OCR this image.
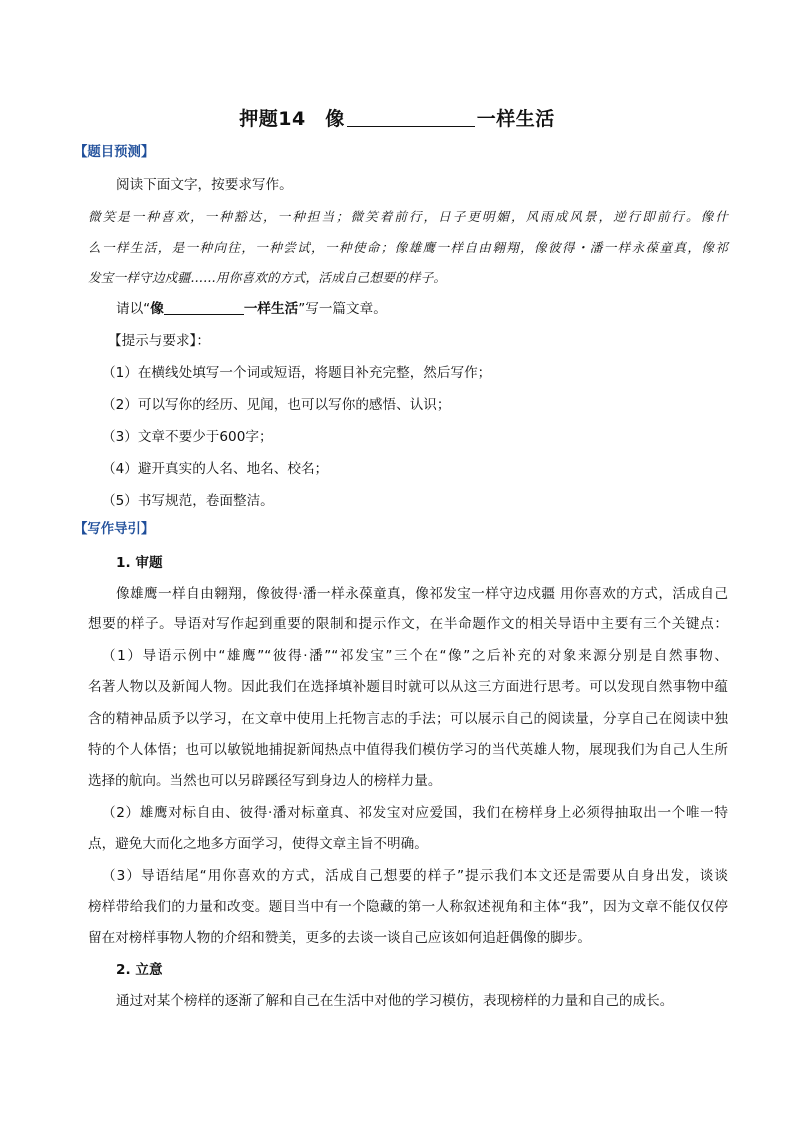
押题14　像	一样生活
【题目预测】
阅读下面文字，按要求写作。
微笑是一种喜欢，一种豁达，一种担当；微笑着前行，日子更明媚，风雨成风景，逆行即前行。像什
么一样生活，是一种向往，一种尝试，一种使命；像雄鹰一样自由翱翔，像彼得・潘一样永葆童真，像祁
发宝一样守边戍疆……用你喜欢的方式，活成自己想要的样子。
请以“像	一样生活”写一篇文章。
【提示与要求】：
（1）在横线处填写一个词或短语，将题目补充完整，然后写作；
（2）可以写你的经历、见闻，也可以写你的感悟、认识；
（3）文章不要少于600字；
（4）避开真实的人名、地名、校名；
（5）书写规范，卷面整洁。
【写作导引】
1. 审题
像雄鹰一样自由翱翔，像彼得·潘一样永葆童真，像祁发宝一样守边戍疆 用你喜欢的方式，活成自己
想要的样子。导语对写作起到重要的限制和提示作文，在半命题作文的相关导语中主要有三个关键点：
（1）导语示例中“雄鹰”“彼得·潘”“祁发宝”三个在“像”之后补充的对象来源分别是自然事物、
名著人物以及新闻人物。因此我们在选择填补题目时就可以从这三方面进行思考。可以发现自然事物中蕴
含的精神品质予以学习，在文章中使用上托物言志的手法；可以展示自己的阅读量，分享自己在阅读中独
特的个人体悟；也可以敏锐地捕捉新闻热点中值得我们模仿学习的当代英雄人物，展现我们为自己人生所
选择的航向。当然也可以另辟蹊径写到身边人的榜样力量。
（2）雄鹰对标自由、彼得·潘对标童真、祁发宝对应爱国，我们在榜样身上必须得抽取出一个唯一特
点，避免大而化之地多方面学习，使得文章主旨不明确。
（3）导语结尾“用你喜欢的方式，活成自己想要的样子”提示我们本文还是需要从自身出发，谈谈
榜样带给我们的力量和改变。题目当中有一个隐藏的第一人称叙述视角和主体“我”，因为文章不能仅仅停
留在对榜样事物人物的介绍和赞美，更多的去谈一谈自己应该如何追赶偶像的脚步。
2. 立意
通过对某个榜样的逐渐了解和自己在生活中对他的学习模仿，表现榜样的力量和自己的成长。
